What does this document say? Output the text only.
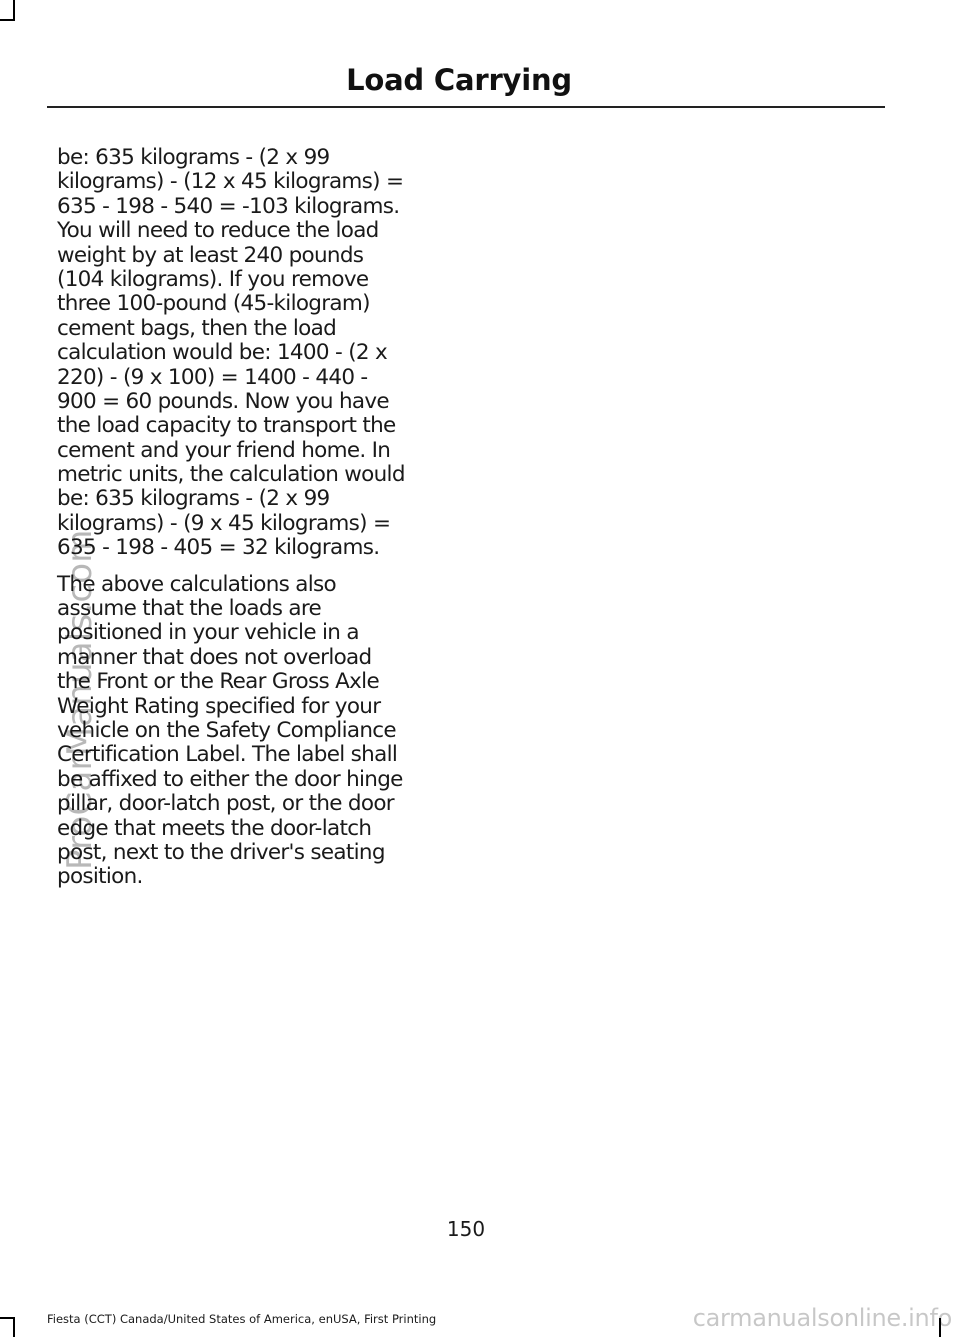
Load Carrying
be: 635 kilograms - (2 x 99
kilograms) - (12 x 45 kilograms) =
635 - 198 - 540 = -103 kilograms.
You will need to reduce the load
weight by at least 240 pounds
(104 kilograms). If you remove
three 100-pound (45-kilogram)
cement bags, then the load
calculation would be: 1400 - (2 x
220) - (9 x 100) = 1400 - 440 -
900 = 60 pounds. Now you have
the load capacity to transport the
cement and your friend home. In
metric units, the calculation would
be: 635 kilograms - (2 x 99
kilograms) - (9 x 45 kilograms) =
635 - 198 - 405 = 32 kilograms.
The above calculations also
assume that the loads are
positioned in your vehicle in a
manner that does not overload
the Front or the Rear Gross Axle
Weight Rating specified for your
vehicle on the Safety Compliance
Certification Label. The label shall
be affixed to either the door hinge
pillar, door-latch post, or the door
edge that meets the door-latch
post, next to the driver's seating
position.
ProCarManuals.com
150
Fiesta (CCT) Canada/United States of America, enUSA, First Printing	carmanualsonline.info
